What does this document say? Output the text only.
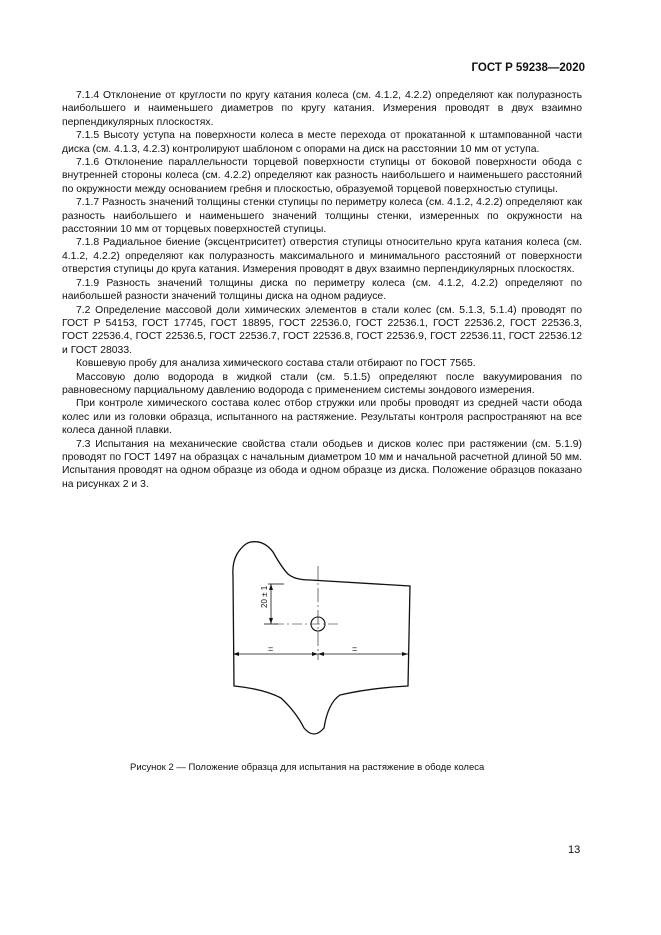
ГОСТ Р 59238—2020

7.1.4 Отклонение от круглости по кругу катания колеса (см. 4.1.2, 4.2.2) определяют как полуразность наибольшего и наименьшего диаметров по кругу катания. Измерения проводят в двух взаимно перпендикулярных плоскостях.

7.1.5 Высоту уступа на поверхности колеса в месте перехода от прокатанной к штампованной части диска (см. 4.1.3, 4.2.3) контролируют шаблоном с опорами на диск на расстоянии 10 мм от уступа.

7.1.6 Отклонение параллельности торцевой поверхности ступицы от боковой поверхности обода с внутренней стороны колеса (см. 4.2.2) определяют как разность наибольшего и наименьшего расстояний по окружности между основанием гребня и плоскостью, образуемой торцевой поверхностью ступицы.

7.1.7 Разность значений толщины стенки ступицы по периметру колеса (см. 4.1.2, 4.2.2) определяют как разность наибольшего и наименьшего значений толщины стенки, измеренных по окружности на расстоянии 10 мм от торцевых поверхностей ступицы.

7.1.8 Радиальное биение (эксцентриситет) отверстия ступицы относительно круга катания колеса (см. 4.1.2, 4.2.2) определяют как полуразность максимального и минимального расстояний от поверхности отверстия ступицы до круга катания. Измерения проводят в двух взаимно перпендикулярных плоскостях.

7.1.9 Разность значений толщины диска по периметру колеса (см. 4.1.2, 4.2.2) определяют по наибольшей разности значений толщины диска на одном радиусе.

7.2 Определение массовой доли химических элементов в стали колес (см. 5.1.3, 5.1.4) проводят по ГОСТ Р 54153, ГОСТ 17745, ГОСТ 18895, ГОСТ 22536.0, ГОСТ 22536.1, ГОСТ 22536.2, ГОСТ 22536.3, ГОСТ 22536.4, ГОСТ 22536.5, ГОСТ 22536.7, ГОСТ 22536.8, ГОСТ 22536.9, ГОСТ 22536.11, ГОСТ 22536.12 и ГОСТ 28033.

Ковшевую пробу для анализа химического состава стали отбирают по ГОСТ 7565.

Массовую долю водорода в жидкой стали (см. 5.1.5) определяют после вакуумирования по равновесному парциальному давлению водорода с применением системы зондового измерения.

При контроле химического состава колес отбор стружки или пробы проводят из средней части обода колес или из головки образца, испытанного на растяжение. Результаты контроля распространяют на все колеса данной плавки.

7.3 Испытания на механические свойства стали ободьев и дисков колес при растяжении (см. 5.1.9) проводят по ГОСТ 1497 на образцах с начальным диаметром 10 мм и начальной расчетной длиной 50 мм. Испытания проводят на одном образце из обода и одном образце из диска. Положение образцов показано на рисунках 2 и 3.

20 ± 1
=	=
Рисунок 2 — Положение образца для испытания на растяжение в ободе колеса
13
